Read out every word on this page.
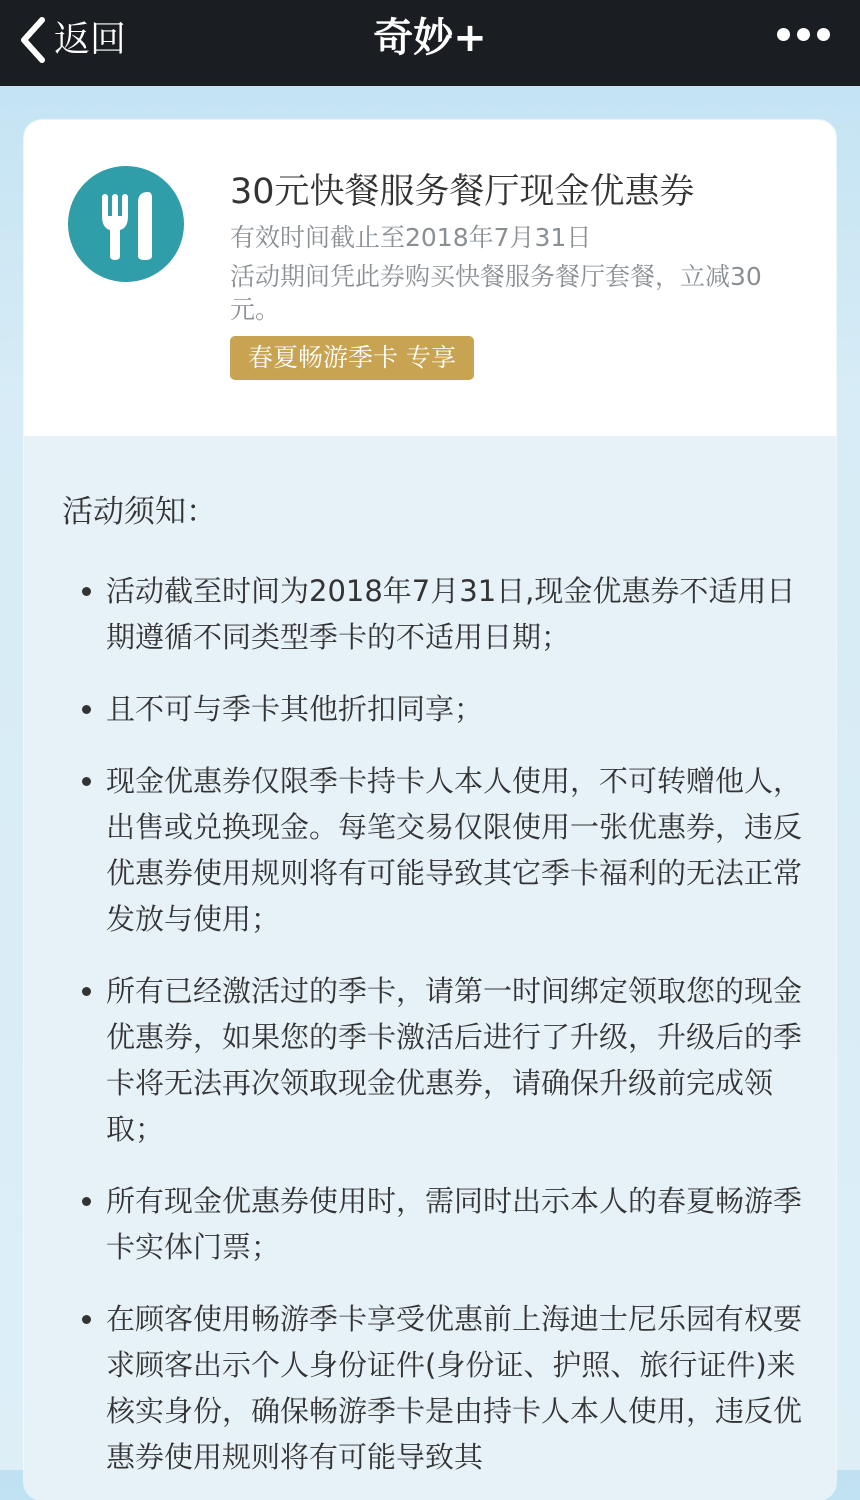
返回	奇妙+
30元快餐服务餐厅现金优惠券
有效时间截止至2018年7月31日
活动期间凭此券购买快餐服务餐厅套餐，立减30元。
春夏畅游季卡 专享
活动须知：
活动截至时间为2018年7月31日,现金优惠券不适用日期遵循不同类型季卡的不适用日期；
且不可与季卡其他折扣同享；
现金优惠券仅限季卡持卡人本人使用，不可转赠他人，出售或兑换现金。每笔交易仅限使用一张优惠券，违反优惠券使用规则将有可能导致其它季卡福利的无法正常发放与使用；
所有已经激活过的季卡，请第一时间绑定领取您的现金优惠券，如果您的季卡激活后进行了升级，升级后的季卡将无法再次领取现金优惠券，请确保升级前完成领取；
所有现金优惠券使用时，需同时出示本人的春夏畅游季卡实体门票；
在顾客使用畅游季卡享受优惠前上海迪士尼乐园有权要求顾客出示个人身份证件(身份证、护照、旅行证件)来核实身份，确保畅游季卡是由持卡人本人使用，违反优惠券使用规则将有可能导致其
